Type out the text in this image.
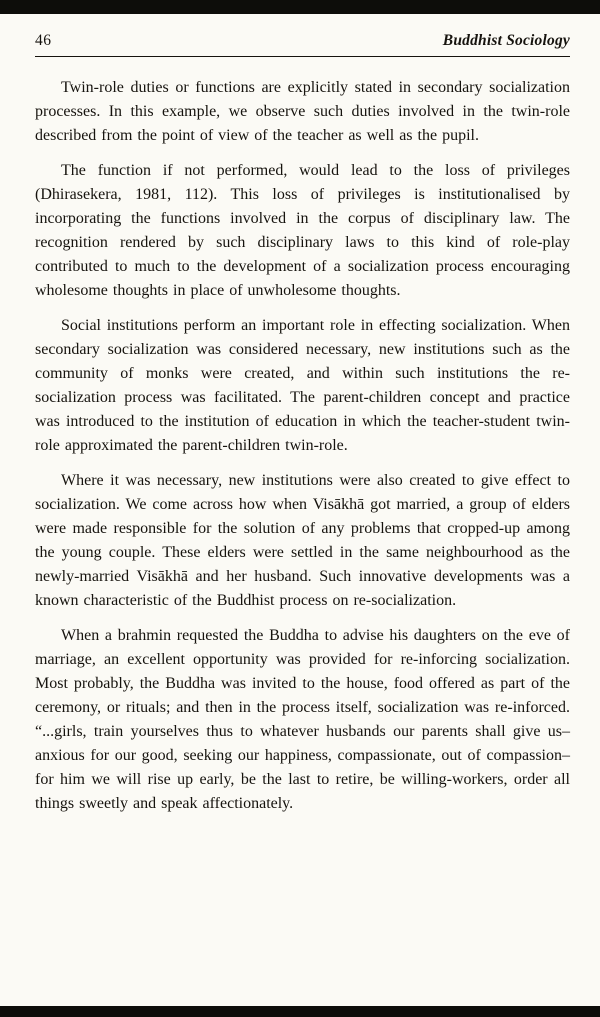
46	Buddhist Sociology

Twin-role duties or functions are explicitly stated in secondary socialization processes. In this example, we observe such duties involved in the twin-role described from the point of view of the teacher as well as the pupil.

The function if not performed, would lead to the loss of privileges (Dhirasekera, 1981, 112). This loss of privileges is institutionalised by incorporating the functions involved in the corpus of disciplinary law. The recognition rendered by such disciplinary laws to this kind of role-play contributed to much to the development of a socialization process encouraging wholesome thoughts in place of unwholesome thoughts.

Social institutions perform an important role in effecting socialization. When secondary socialization was considered necessary, new institutions such as the community of monks were created, and within such institutions the re-socialization process was facilitated. The parent-children concept and practice was introduced to the institution of education in which the teacher-student twin-role approximated the parent-children twin-role.

Where it was necessary, new institutions were also created to give effect to socialization. We come across how when Visākhā got married, a group of elders were made responsible for the solution of any problems that cropped-up among the young couple. These elders were settled in the same neighbourhood as the newly-married Visākhā and her husband. Such innovative developments was a known characteristic of the Buddhist process on re-socialization.

When a brahmin requested the Buddha to advise his daughters on the eve of marriage, an excellent opportunity was provided for re-inforcing socialization. Most probably, the Buddha was invited to the house, food offered as part of the ceremony, or rituals; and then in the process itself, socialization was re-inforced. “...girls, train yourselves thus to whatever husbands our parents shall give us–anxious for our good, seeking our happiness, compassionate, out of compassion–for him we will rise up early, be the last to retire, be willing-workers, order all things sweetly and speak affectionately.
